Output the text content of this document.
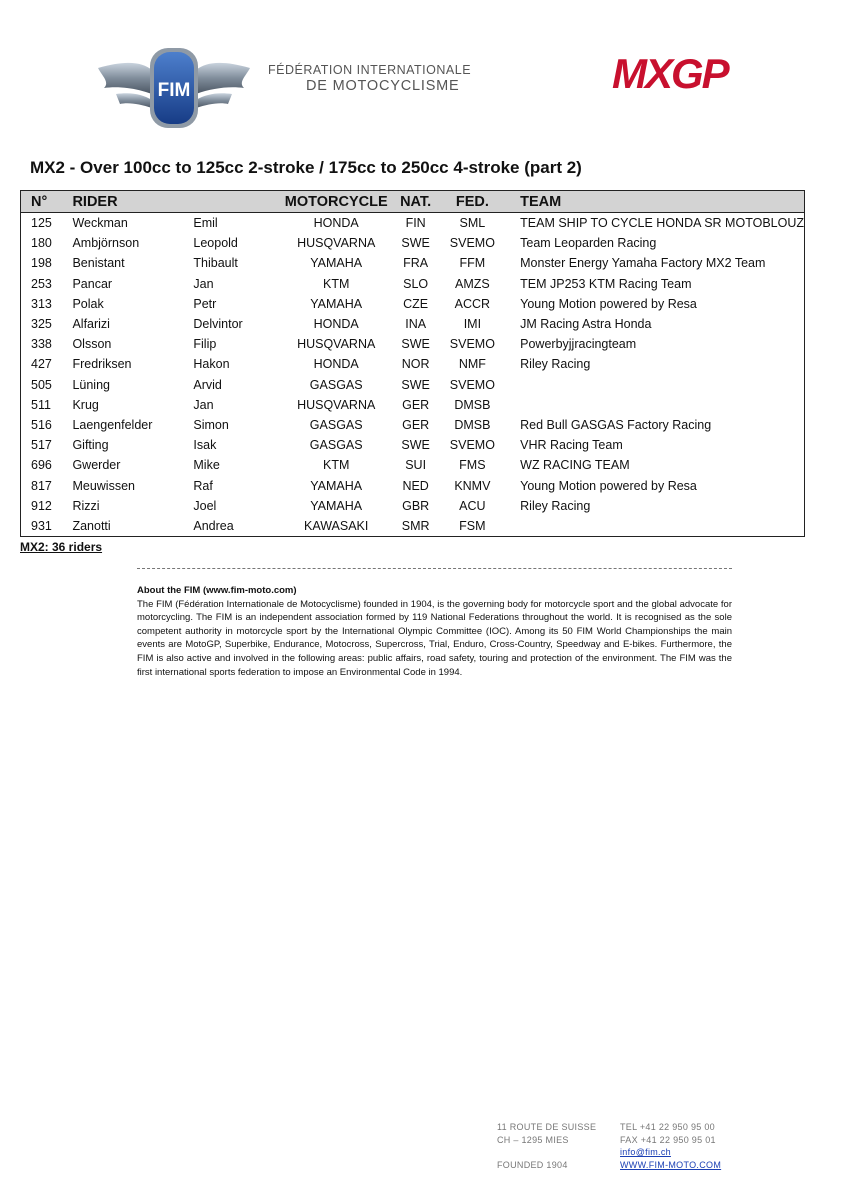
FIM
FÉDÉRATION INTERNATIONALE
DE MOTOCYCLISME	MXGP
MX2 - Over 100cc to 125cc 2-stroke / 175cc to 250cc 4-stroke (part 2)
N°	RIDER		MOTORCYCLE	NAT.	FED.	TEAM
125	Weckman	Emil	HONDA	FIN	SML	TEAM SHIP TO CYCLE HONDA SR MOTOBLOUZ
180	Ambjörnson	Leopold	HUSQVARNA	SWE	SVEMO	Team Leoparden Racing
198	Benistant	Thibault	YAMAHA	FRA	FFM	Monster Energy Yamaha Factory MX2 Team
253	Pancar	Jan	KTM	SLO	AMZS	TEM JP253 KTM Racing Team
313	Polak	Petr	YAMAHA	CZE	ACCR	Young Motion powered by Resa
325	Alfarizi	Delvintor	HONDA	INA	IMI	JM Racing Astra Honda
338	Olsson	Filip	HUSQVARNA	SWE	SVEMO	Powerbyjjracingteam
427	Fredriksen	Hakon	HONDA	NOR	NMF	Riley Racing
505	Lüning	Arvid	GASGAS	SWE	SVEMO	
511	Krug	Jan	HUSQVARNA	GER	DMSB	
516	Laengenfelder	Simon	GASGAS	GER	DMSB	Red Bull GASGAS Factory Racing
517	Gifting	Isak	GASGAS	SWE	SVEMO	VHR Racing Team
696	Gwerder	Mike	KTM	SUI	FMS	WZ RACING TEAM
817	Meuwissen	Raf	YAMAHA	NED	KNMV	Young Motion powered by Resa
912	Rizzi	Joel	YAMAHA	GBR	ACU	Riley Racing
931	Zanotti	Andrea	KAWASAKI	SMR	FSM	
MX2: 36 riders
About the FIM (www.fim-moto.com)

The FIM (Fédération Internationale de Motocyclisme) founded in 1904, is the governing body for motorcycle sport and the global advocate for motorcycling. The FIM is an independent association formed by 119 National Federations throughout the world. It is recognised as the sole competent authority in motorcycle sport by the International Olympic Committee (IOC). Among its 50 FIM World Championships the main events are MotoGP, Superbike, Endurance, Motocross, Supercross, Trial, Enduro, Cross-Country, Speedway and E-bikes. Furthermore, the FIM is also active and involved in the following areas: public affairs, road safety, touring and protection of the environment. The FIM was the first international sports federation to impose an Environmental Code in 1994.

11 ROUTE DE SUISSE
CH – 1295 MIES
FOUNDED 1904
TEL +41 22 950 95 00
FAX +41 22 950 95 01
info@fim.ch
WWW.FIM-MOTO.COM
